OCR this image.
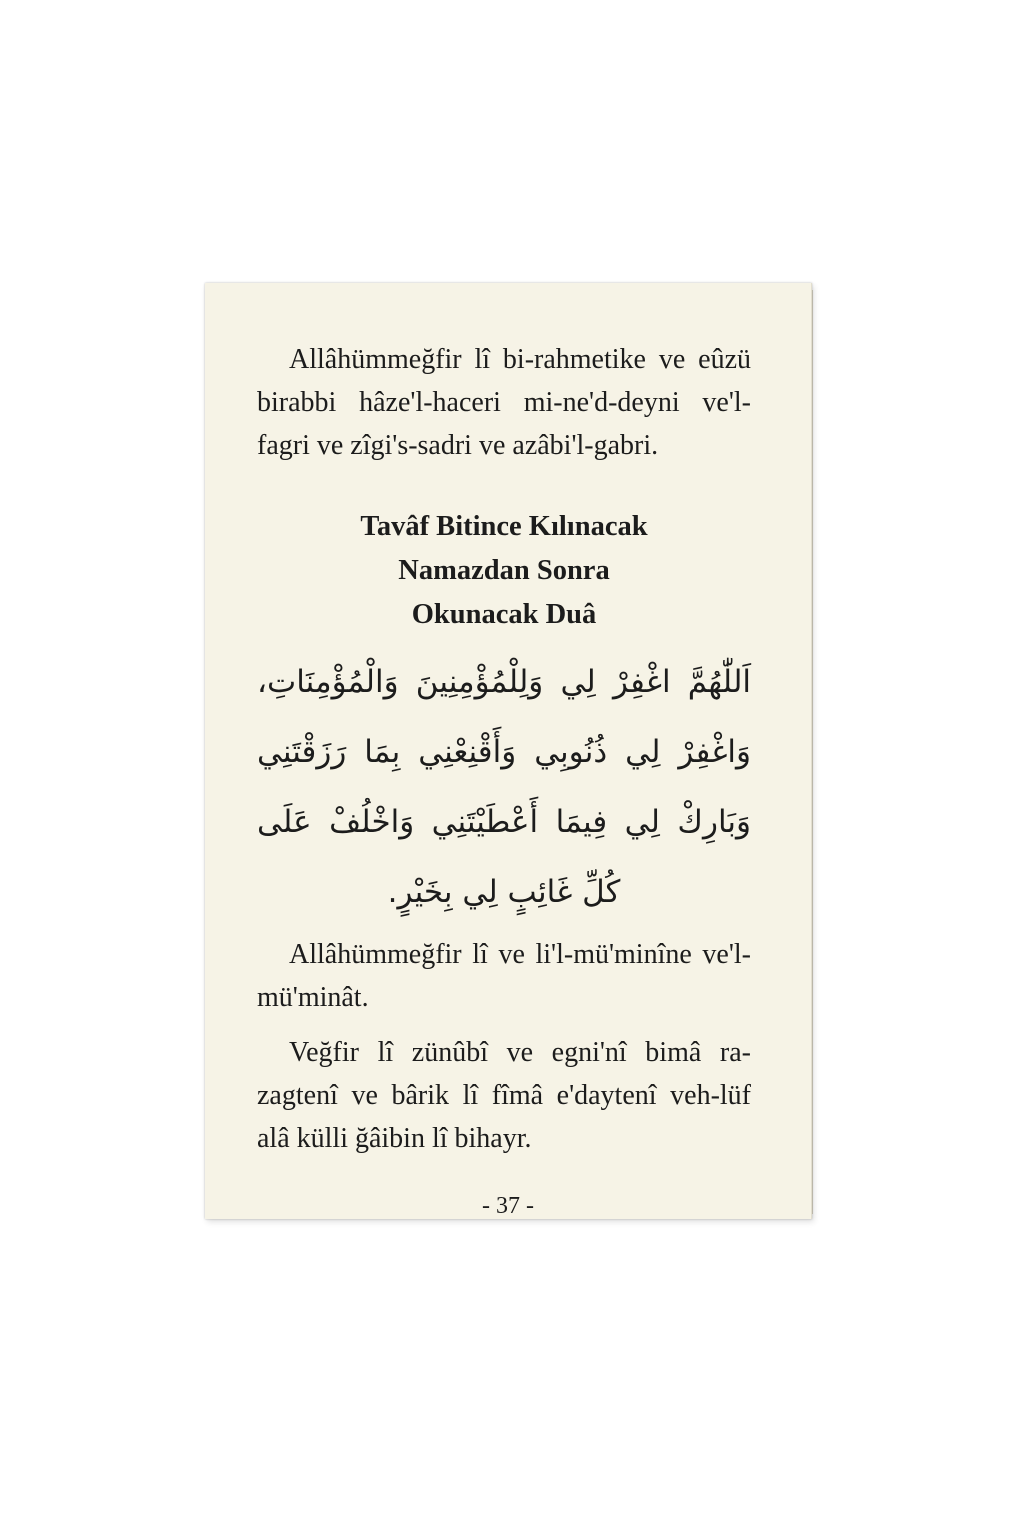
Allâhümmeğfir lî bi-rahmetike ve eûzü birabbi hâze'l-haceri mi-ne'd-deyni ve'l-fagri ve zîgi's-sadri ve azâbi'l-gabri.

Tavâf Bitince Kılınacak
Namazdan Sonra
Okunacak Duâ
اَللّٰهُمَّ اغْفِرْ لِي وَلِلْمُؤْمِنِينَ وَالْمُؤْمِنَاتِ،
وَاغْفِرْ لِي ذُنُوبِي وَأَقْنِعْنِي بِمَا رَزَقْتَنِي
وَبَارِكْ لِي فِيمَا أَعْطَيْتَنِي وَاخْلُفْ عَلَى
كُلِّ غَائِبٍ لِي بِخَيْرٍ.

Allâhümmeğfir lî ve li'l-mü'minîne ve'l-mü'minât.

Veğfir lî zünûbî ve egni'nî bimâ ra-zagtenî ve bârik lî fîmâ e'daytenî veh-lüf alâ külli ğâibin lî bihayr.

- 37 -
